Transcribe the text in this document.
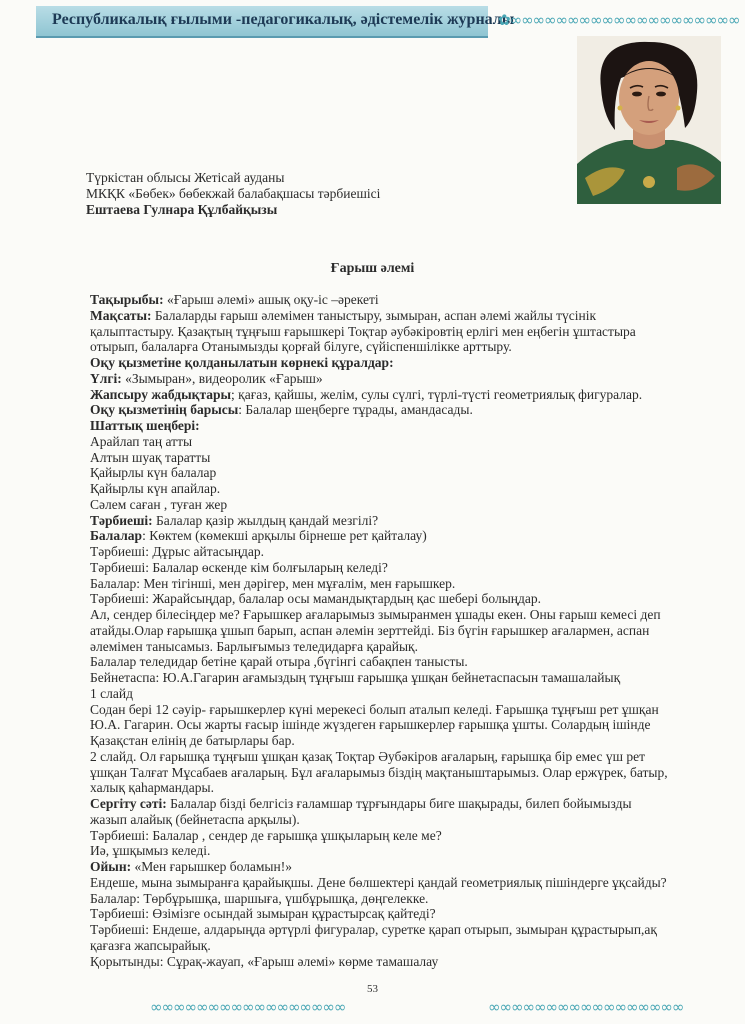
Республикалық ғылыми -педагогикалық, әдістемелік журналы
✿∞∞∞∞∞∞∞∞∞∞∞∞∞∞∞∞∞∞∞∞
Түркістан облысы Жетісай ауданы
МКҚК «Бөбек» бөбекжай балабақшасы тәрбиешісі
Ештаева Гулнара Құлбайқызы
Ғарыш әлемі
Тақырыбы: «Ғарыш әлемі» ашық оқу-іс –әрекеті
Мақсаты: Балаларды ғарыш әлемімен таныстыру, зымыран, аспан әлемі жайлы түсінік
қалыптастыру. Қазақтың тұңғыш ғарышкері Тоқтар әубәкіровтің ерлігі мен еңбегін ұштастыра
отырып, балаларға Отанымызды қорғай білуге, сүйіспеншілікке арттыру.
Оқу қызметіне қолданылатын көрнекі құралдар:
Үлгі: «Зымыран», видеоролик «Ғарыш»
Жапсыру жабдықтары; қағаз, қайшы, желім, сулы сүлгі, түрлі-түсті геометриялық фигуралар.
Оқу қызметінің барысы: Балалар шеңберге тұрады, амандасады.
Шаттық шеңбері:
Арайлап таң атты
Алтын шуақ таратты
Қайырлы күн балалар
Қайырлы күн апайлар.
Сәлем саған , туған жер
Тәрбиеші: Балалар қазір жылдың қандай мезгілі?
Балалар: Көктем (көмекші арқылы бірнеше рет қайталау)
Тәрбиеші: Дұрыс айтасыңдар.
Тәрбиеші: Балалар өскенде кім болғыларың келеді?
Балалар: Мен тігінші, мен дәрігер, мен мұғалім, мен ғарышкер.
Тәрбиеші: Жарайсыңдар, балалар осы мамандықтардың қас шебері болыңдар.
Ал, сендер білесіңдер ме? Ғарышкер ағаларымыз зымыранмен ұшады екен. Оны ғарыш кемесі деп
атайды.Олар ғарышқа ұшып барып, аспан әлемін зерттейді. Біз бүгін ғарышкер ағалармен, аспан
әлемімен танысамыз. Барлығымыз теледидарға қарайық.
Балалар теледидар бетіне қарай отыра ,бүгінгі сабақпен танысты.
Бейнетаспа: Ю.А.Гагарин ағамыздың тұңғыш ғарышқа ұшқан бейнетаспасын тамашалайық
1 слайд
Содан бері 12 сәуір- ғарышкерлер күні мерекесі болып аталып келеді. Ғарышқа тұңғыш рет ұшқан
Ю.А. Гагарин. Осы жарты ғасыр ішінде жүздеген ғарышкерлер ғарышқа ұшты. Солардың ішінде
Қазақстан елінің де батырлары бар.
2 слайд. Ол ғарышқа тұңғыш ұшқан қазақ Тоқтар Әубәкіров ағаларың, ғарышқа бір емес үш рет
ұшқан Талғат Мұсабаев ағаларың. Бұл ағаларымыз біздің мақтаныштарымыз. Олар ержүрек, батыр,
халық қаһармандары.
Сергіту сәті: Балалар бізді белгісіз ғаламшар тұрғындары биге шақырады, билеп бойымызды
жазып алайық (бейнетаспа арқылы).
Тәрбиеші: Балалар , сендер де ғарышқа ұшқыларың келе ме?
Иә, ұшқымыз келеді.
Ойын: «Мен ғарышкер боламын!»
Ендеше, мына зымыранға қарайықшы. Дене бөлшектері қандай геометриялық пішіндерге ұқсайды?
Балалар: Төрбұрышқа, шаршыға, үшбұрышқа, дөңгелекке.
Тәрбиеші: Өзімізге осындай зымыран құрастырсақ қайтеді?
Тәрбиеші: Ендеше, алдарыңда әртүрлі фигуралар, суретке қарап отырып, зымыран құрастырып,ақ
қағазға жапсырайық.
Қорытынды: Сұрақ-жауап, «Ғарыш әлемі» көрме тамашалау
53
∞∞∞∞∞∞∞∞∞∞∞∞∞∞∞∞∞	∞∞∞∞∞∞∞∞∞∞∞∞∞∞∞∞∞
